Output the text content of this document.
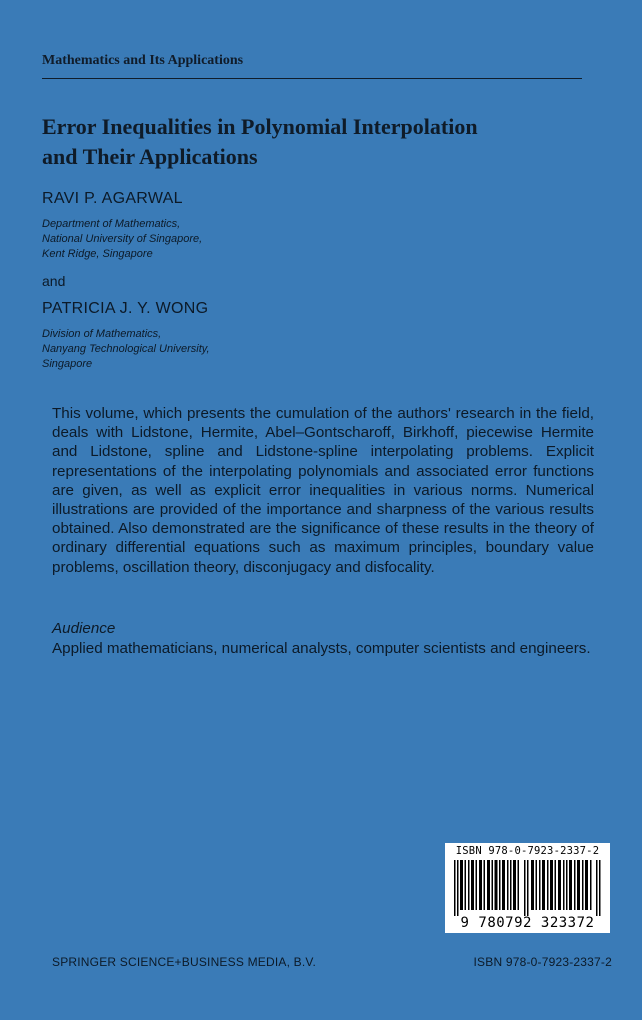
Mathematics and Its Applications
Error Inequalities in Polynomial Interpolation
and Their Applications
RAVI P. AGARWAL
Department of Mathematics,
National University of Singapore,
Kent Ridge, Singapore
and
PATRICIA J. Y. WONG
Division of Mathematics,
Nanyang Technological University,
Singapore
This volume, which presents the cumulation of the authors' research in the field, deals with Lidstone, Hermite, Abel–Gontscharoff, Birkhoff, piecewise Hermite and Lidstone, spline and Lidstone-spline interpolating problems. Explicit representations of the interpolating polynomials and associated error functions are given, as well as explicit error inequalities in various norms. Numerical illustrations are provided of the importance and sharpness of the various results obtained. Also demonstrated are the significance of these results in the theory of ordinary differential equations such as maximum principles, boundary value problems, oscillation theory, disconjugacy and disfocality.
Audience
Applied mathematicians, numerical analysts, computer scientists and engineers.
ISBN 978-0-7923-2337-2
9 780792 323372
SPRINGER SCIENCE+BUSINESS MEDIA, B.V.	ISBN 978-0-7923-2337-2
